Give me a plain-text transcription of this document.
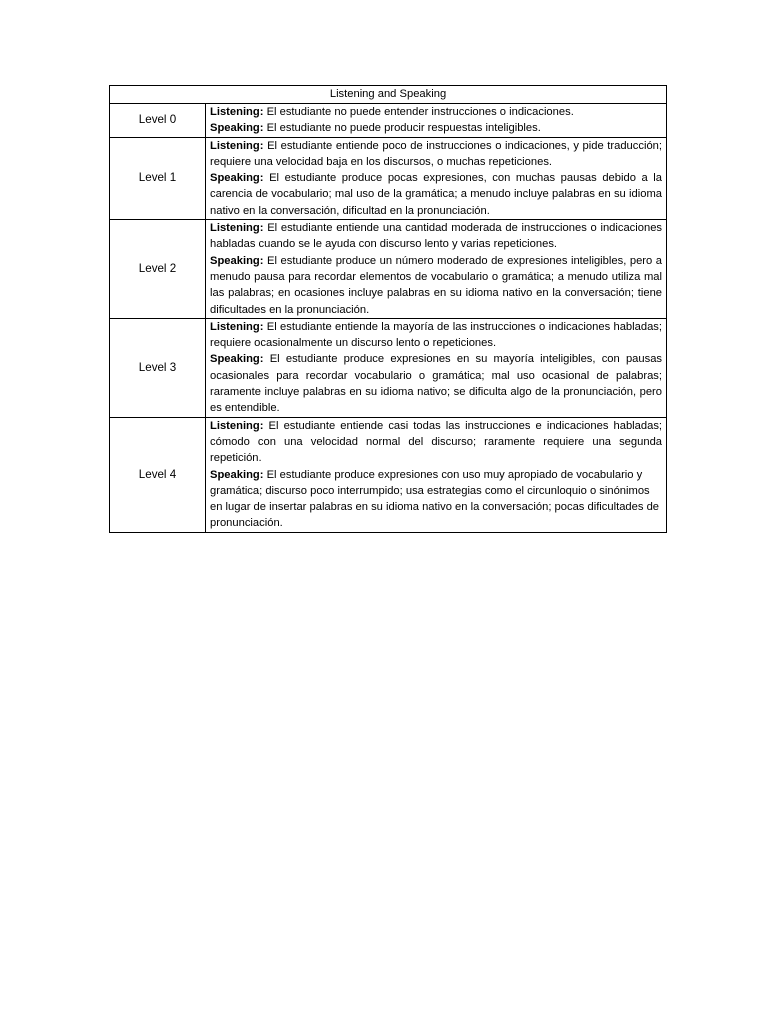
Listening and Speaking	
Level 0	Listening: El estudiante no puede entender instrucciones o indicaciones.
Speaking: El estudiante no puede producir respuestas inteligibles.

Level 1	Listening: El estudiante entiende poco de instrucciones o indicaciones, y pide traducción; requiere una velocidad baja en los discursos, o muchas repeticiones.
Speaking: El estudiante produce pocas expresiones, con muchas pausas debido a la carencia de vocabulario; mal uso de la gramática; a menudo incluye palabras en su idioma nativo en la conversación, dificultad en la pronunciación.

Level 2	Listening: El estudiante entiende una cantidad moderada de instrucciones o indicaciones habladas cuando se le ayuda con discurso lento y varias repeticiones.
Speaking: El estudiante produce un número moderado de expresiones inteligibles, pero a menudo pausa para recordar elementos de vocabulario o gramática; a menudo utiliza mal las palabras; en ocasiones incluye palabras en su idioma nativo en la conversación; tiene dificultades en la pronunciación.

Level 3	Listening: El estudiante entiende la mayoría de las instrucciones o indicaciones habladas; requiere ocasionalmente un discurso lento o repeticiones.
Speaking: El estudiante produce expresiones en su mayoría inteligibles, con pausas ocasionales para recordar vocabulario o gramática; mal uso ocasional de palabras; raramente incluye palabras en su idioma nativo; se dificulta algo de la pronunciación, pero es entendible.

Level 4	Listening: El estudiante entiende casi todas las instrucciones e indicaciones habladas; cómodo con una velocidad normal del discurso; raramente requiere una segunda repetición.
Speaking: El estudiante produce expresiones con uso muy apropiado de vocabulario y gramática; discurso poco interrumpido; usa estrategias como el circunloquio o sinónimos en lugar de insertar palabras en su idioma nativo en la conversación; pocas dificultades de pronunciación.
